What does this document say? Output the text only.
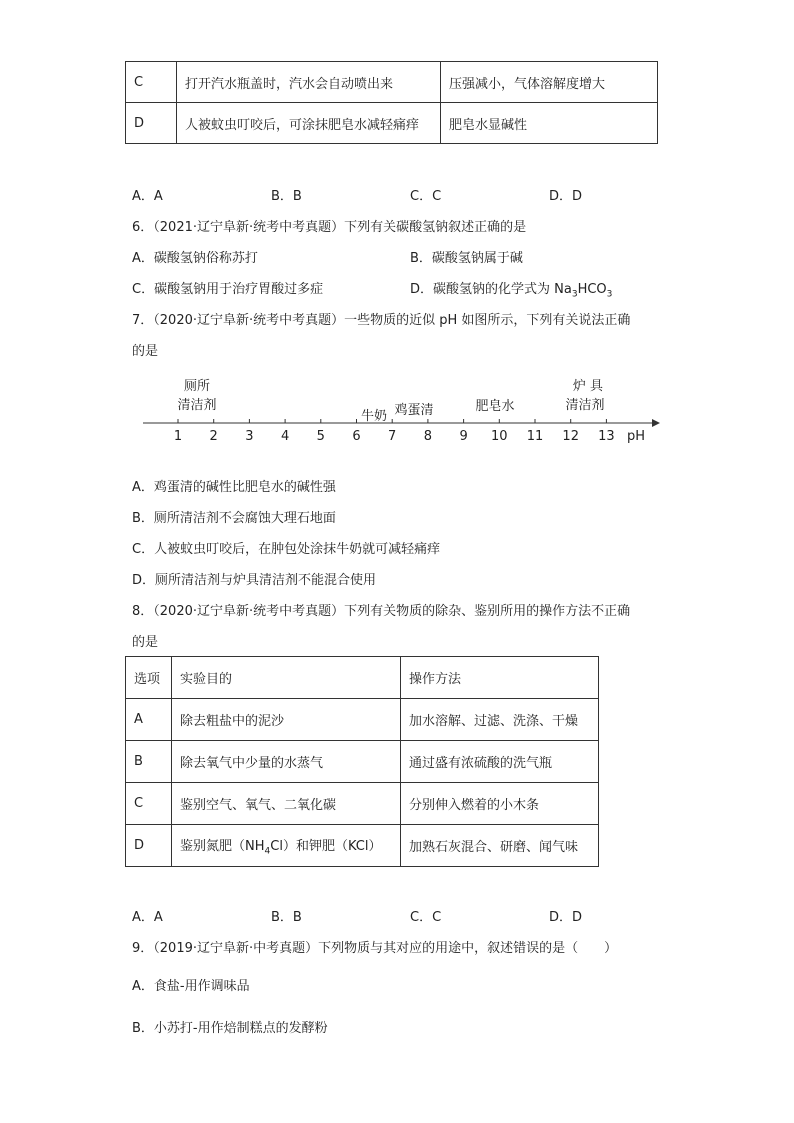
C	打开汽水瓶盖时，汽水会自动喷出来	压强减小，气体溶解度增大
D	人被蚊虫叮咬后，可涂抹肥皂水减轻痛痒	肥皂水显碱性
A．A	B．B	C．C	D．D
6．（2021·辽宁阜新·统考中考真题）下列有关碳酸氢钠叙述正确的是
A．碳酸氢钠俗称苏打	B．碳酸氢钠属于碱
C．碳酸氢钠用于治疗胃酸过多症	D．碳酸氢钠的化学式为 $Na_3HCO_3$
7．（2020·辽宁阜新·统考中考真题）一些物质的近似 pH 如图所示，下列有关说法正确
的是
1 2 3 4 5 6 7 8 9 10 11 12 13 pH
厕所
清洁剂
牛奶 鸡蛋清	肥皂水
炉 具
清洁剂
A．鸡蛋清的碱性比肥皂水的碱性强
B．厕所清洁剂不会腐蚀大理石地面
C．人被蚊虫叮咬后，在肿包处涂抹牛奶就可减轻痛痒
D．厕所清洁剂与炉具清洁剂不能混合使用
8．（2020·辽宁阜新·统考中考真题）下列有关物质的除杂、鉴别所用的操作方法不正确
的是
选项	实验目的	操作方法
A	除去粗盐中的泥沙	加水溶解、过滤、洗涤、干燥
B	除去氧气中少量的水蒸气	通过盛有浓硫酸的洗气瓶
C	鉴别空气、氧气、二氧化碳	分别伸入燃着的小木条
D	鉴别氮肥$(NH_4Cl)$和钾肥（KCl）	加熟石灰混合、研磨、闻气味
A．A	B．B	C．C	D．D
9．（2019·辽宁阜新·中考真题）下列物质与其对应的用途中，叙述错误的是（　　）
A．食盐-用作调味品
B．小苏打-用作焙制糕点的发酵粉
